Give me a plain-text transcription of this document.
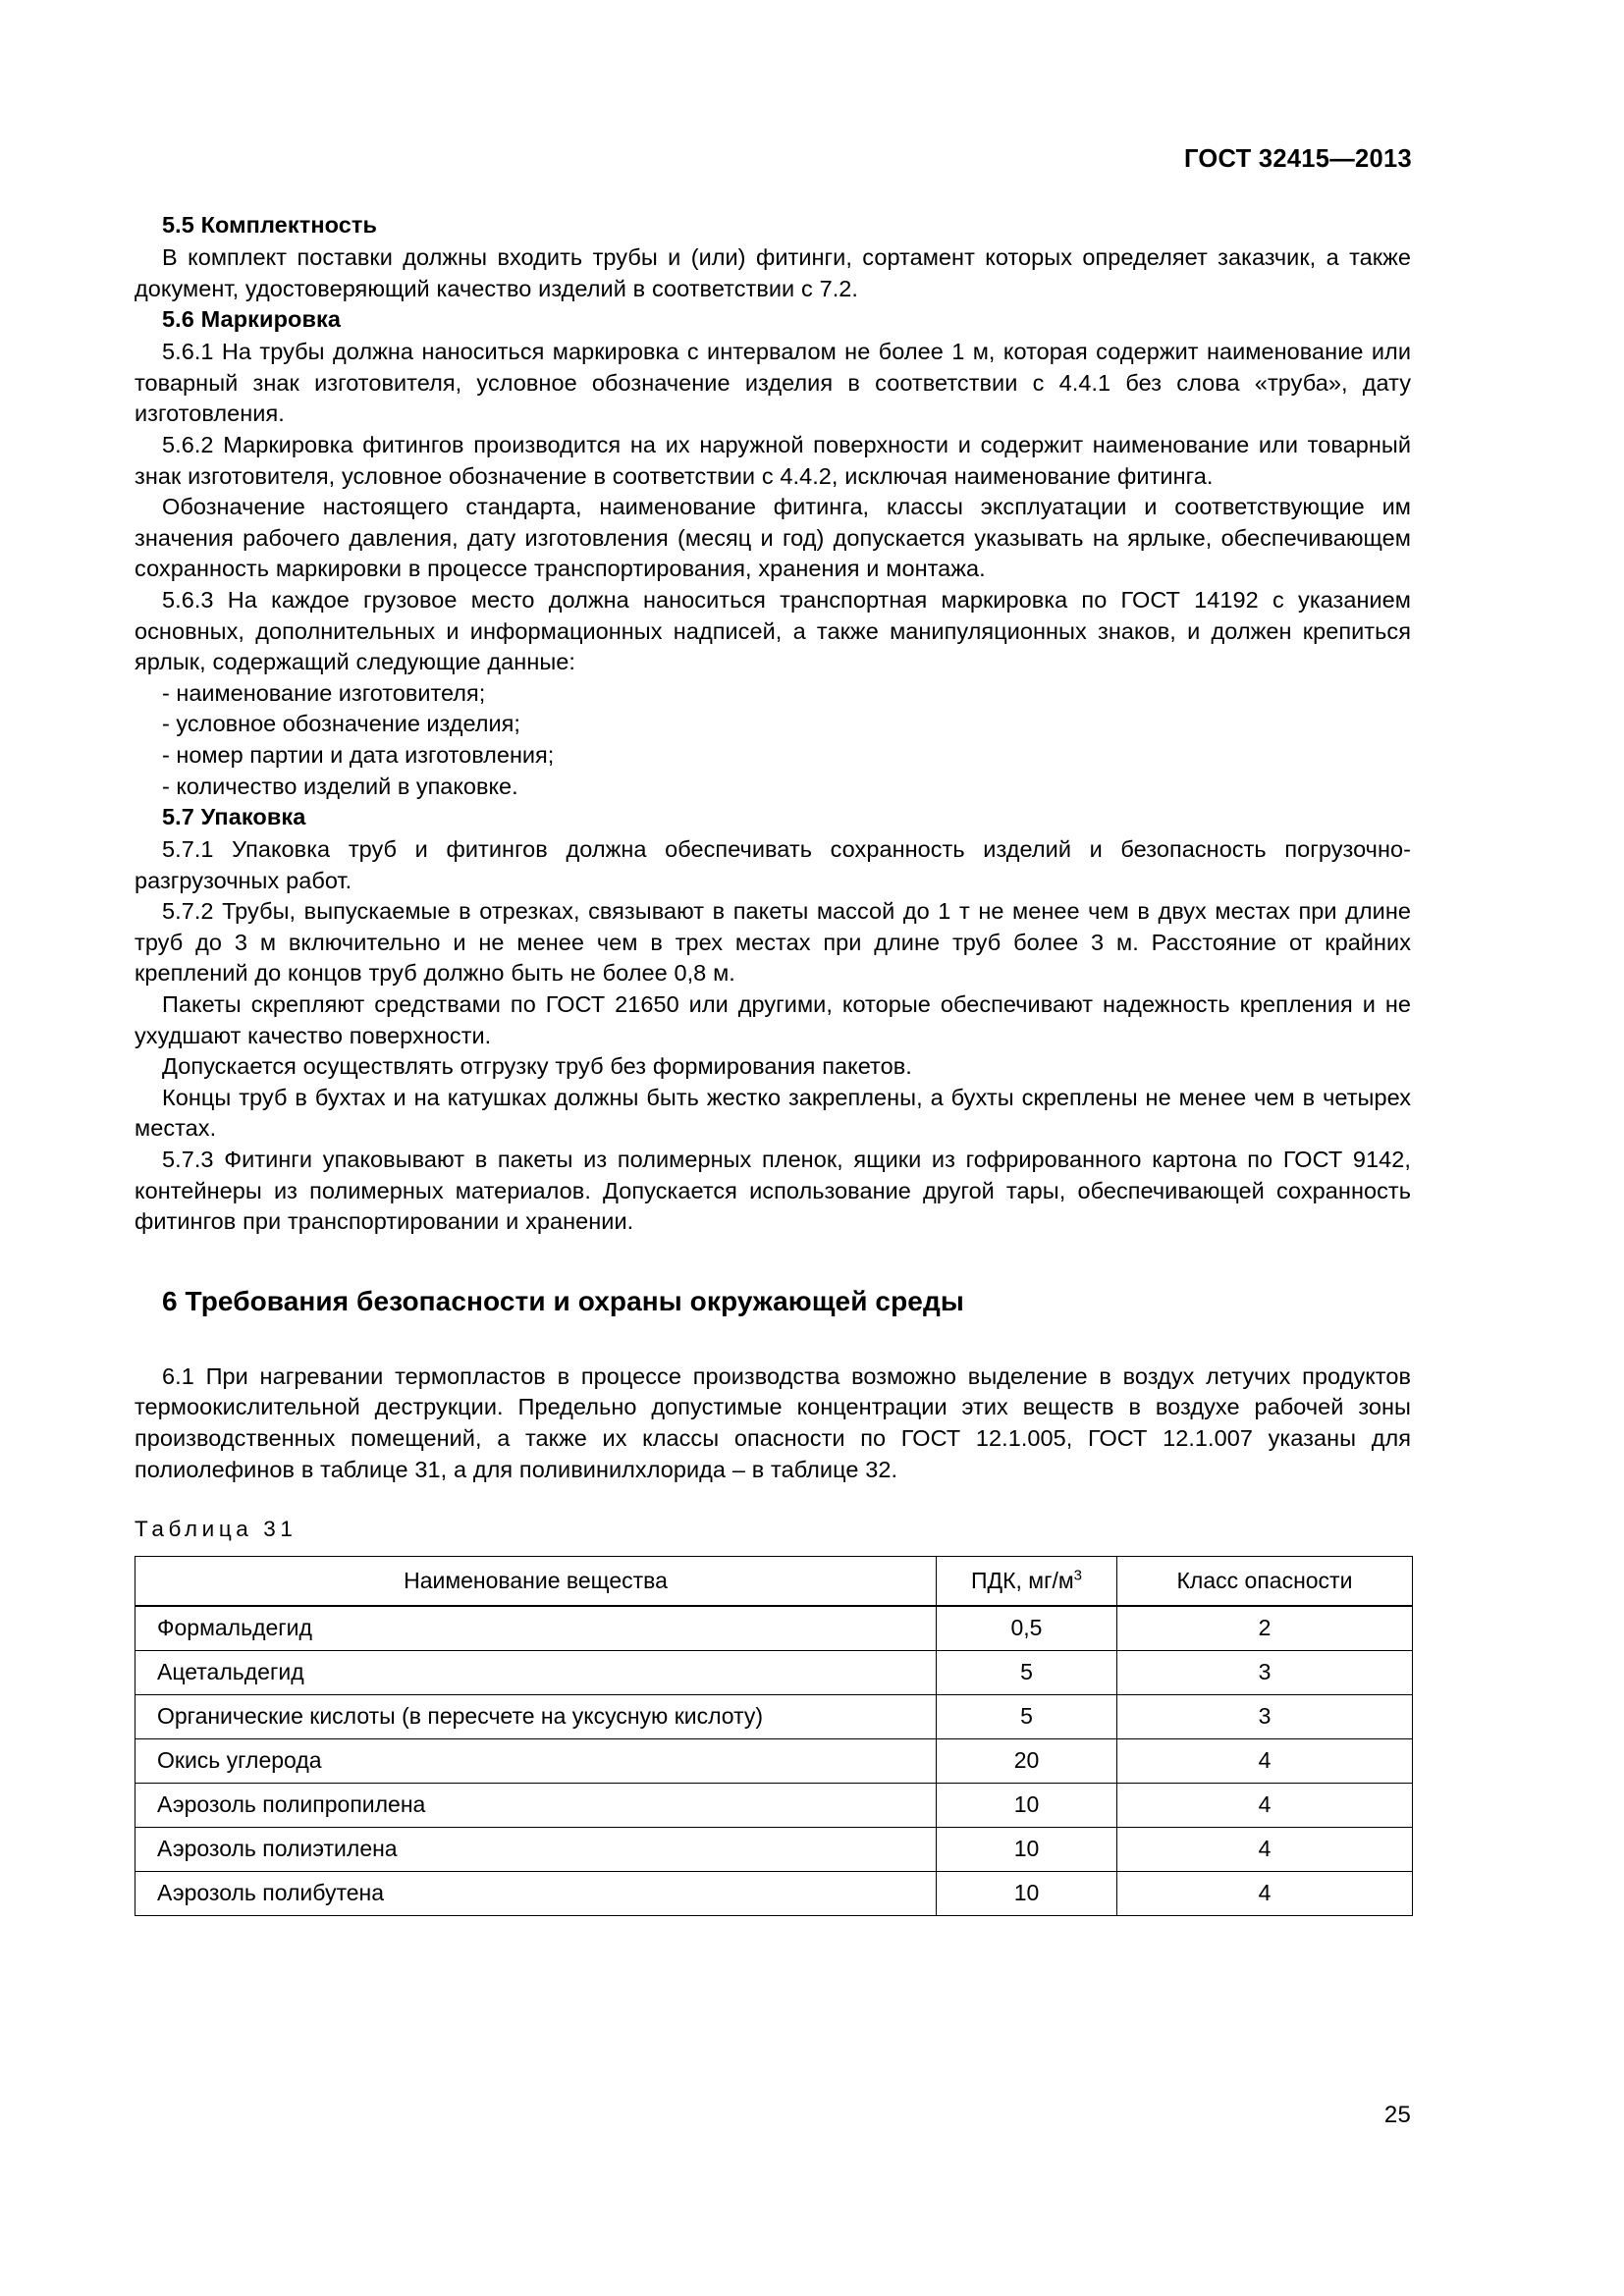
ГОСТ 32415—2013
5.5 Комплектность

В комплект поставки должны входить трубы и (или) фитинги, сортамент которых определяет заказчик, а также документ, удостоверяющий качество изделий в соответствии с 7.2.

5.6 Маркировка

5.6.1 На трубы должна наноситься маркировка с интервалом не более 1 м, которая содержит наименование или товарный знак изготовителя, условное обозначение изделия в соответствии с 4.4.1 без слова «труба», дату изготовления.

5.6.2 Маркировка фитингов производится на их наружной поверхности и содержит наименование или товарный знак изготовителя, условное обозначение в соответствии с 4.4.2, исключая наименование фитинга.

Обозначение настоящего стандарта, наименование фитинга, классы эксплуатации и соответствующие им значения рабочего давления, дату изготовления (месяц и год) допускается указывать на ярлыке, обеспечивающем сохранность маркировки в процессе транспортирования, хранения и монтажа.

5.6.3 На каждое грузовое место должна наноситься транспортная маркировка по ГОСТ 14192 с указанием основных, дополнительных и информационных надписей, а также манипуляционных знаков, и должен крепиться ярлык, содержащий следующие данные:

- наименование изготовителя;
- условное обозначение изделия;
- номер партии и дата изготовления;
- количество изделий в упаковке.
5.7 Упаковка

5.7.1 Упаковка труб и фитингов должна обеспечивать сохранность изделий и безопасность погрузочно-разгрузочных работ.

5.7.2 Трубы, выпускаемые в отрезках, связывают в пакеты массой до 1 т не менее чем в двух местах при длине труб до 3 м включительно и не менее чем в трех местах при длине труб более 3 м. Расстояние от крайних креплений до концов труб должно быть не более 0,8 м.

Пакеты скрепляют средствами по ГОСТ 21650 или другими, которые обеспечивают надежность крепления и не ухудшают качество поверхности.

Допускается осуществлять отгрузку труб без формирования пакетов.

Концы труб в бухтах и на катушках должны быть жестко закреплены, а бухты скреплены не менее чем в четырех местах.

5.7.3 Фитинги упаковывают в пакеты из полимерных пленок, ящики из гофрированного картона по ГОСТ 9142, контейнеры из полимерных материалов. Допускается использование другой тары, обеспечивающей сохранность фитингов при транспортировании и хранении.

6 Требования безопасности и охраны окружающей среды

6.1 При нагревании термопластов в процессе производства возможно выделение в воздух летучих продуктов термоокислительной деструкции. Предельно допустимые концентрации этих веществ в воздухе рабочей зоны производственных помещений, а также их классы опасности по ГОСТ 12.1.005, ГОСТ 12.1.007 указаны для полиолефинов в таблице 31, а для поливинилхлорида – в таблице 32.

Таблица 31
Наименование вещества	ПДК, $мг/м^3$	Класс опасности
Формальдегид	0,5	2
Ацетальдегид	5	3
Органические кислоты (в пересчете на уксусную кислоту)	5	3
Окись углерода	20	4
Аэрозоль полипропилена	10	4
Аэрозоль полиэтилена	10	4
Аэрозоль полибутена	10	4
25
